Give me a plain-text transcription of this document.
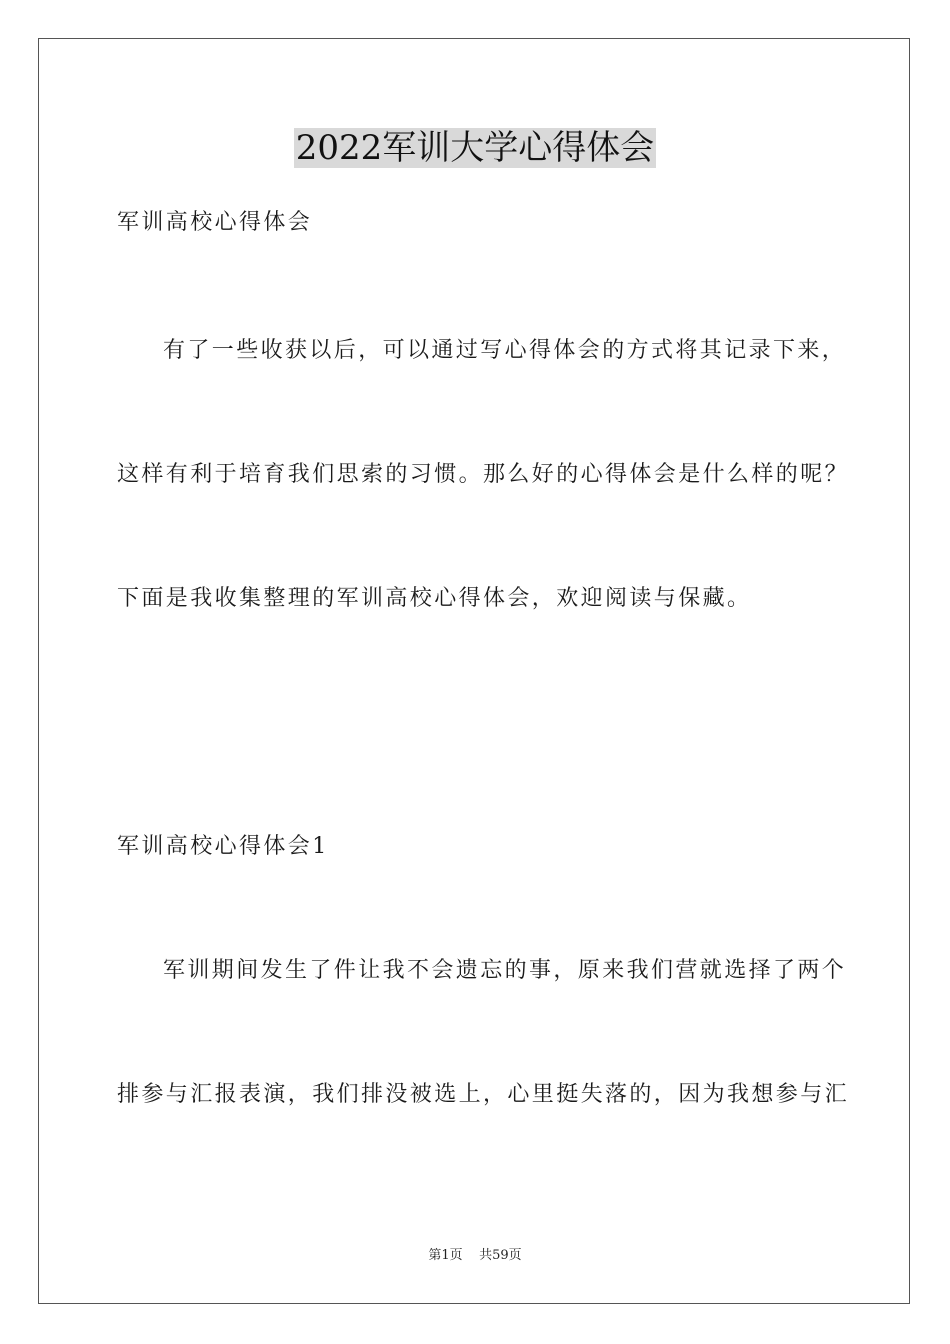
2022军训大学心得体会
军训高校心得体会
有了一些收获以后，可以通过写心得体会的方式将其记录下来，
这样有利于培育我们思索的习惯。那么好的心得体会是什么样的呢？
下面是我收集整理的军训高校心得体会，欢迎阅读与保藏。
军训高校心得体会1
军训期间发生了件让我不会遗忘的事，原来我们营就选择了两个
排参与汇报表演，我们排没被选上，心里挺失落的，因为我想参与汇
第1页 共59页
